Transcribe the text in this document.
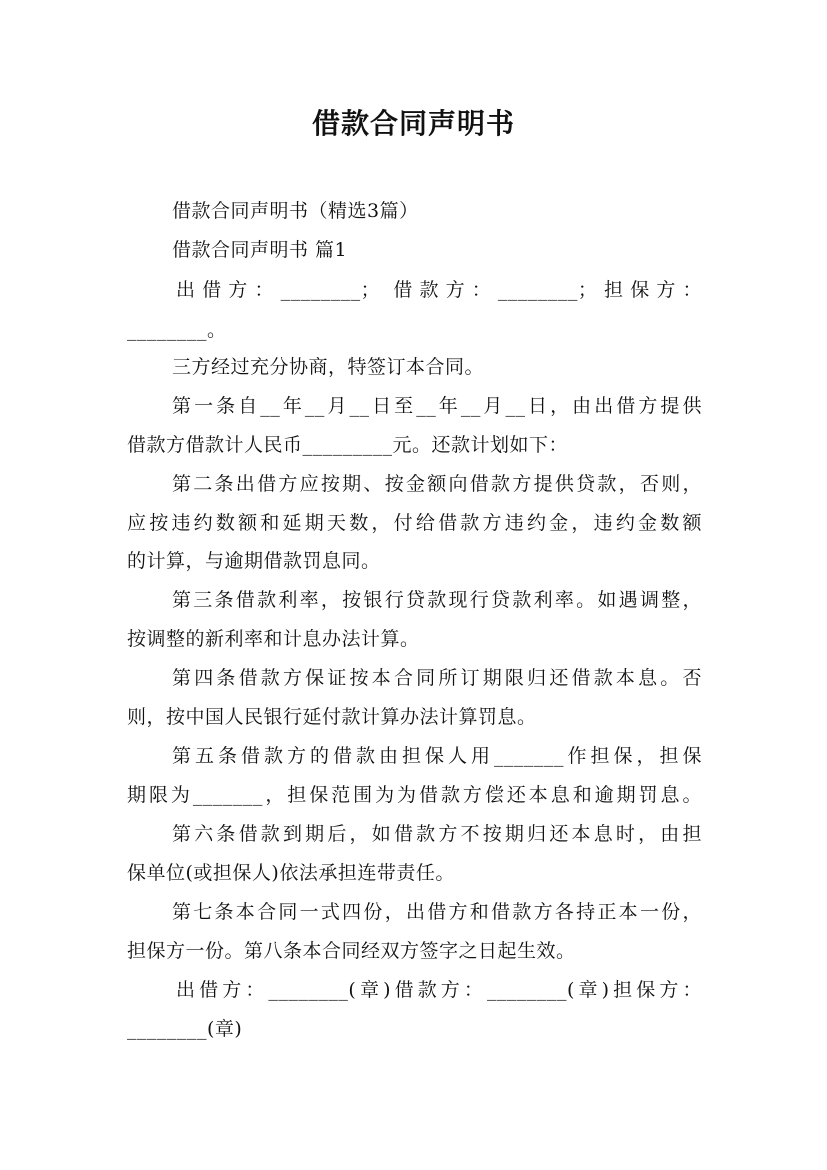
借款合同声明书
借款合同声明书（精选3篇）
借款合同声明书 篇1
出借方：________； 借款方：________；担保方：
________。
三方经过充分协商，特签订本合同。
第一条自__年__月__日至__年__月__日，由出借方提供
借款方借款计人民币_________元。还款计划如下：
第二条出借方应按期、按金额向借款方提供贷款，否则，
应按违约数额和延期天数，付给借款方违约金，违约金数额
的计算，与逾期借款罚息同。
第三条借款利率，按银行贷款现行贷款利率。如遇调整，
按调整的新利率和计息办法计算。
第四条借款方保证按本合同所订期限归还借款本息。否
则，按中国人民银行延付款计算办法计算罚息。
第五条借款方的借款由担保人用_______作担保，担保
期限为_______，担保范围为为借款方偿还本息和逾期罚息。
第六条借款到期后，如借款方不按期归还本息时，由担
保单位(或担保人)依法承担连带责任。
第七条本合同一式四份，出借方和借款方各持正本一份，
担保方一份。第八条本合同经双方签字之日起生效。
出借方：________(章)借款方：________(章)担保方：
________(章)
